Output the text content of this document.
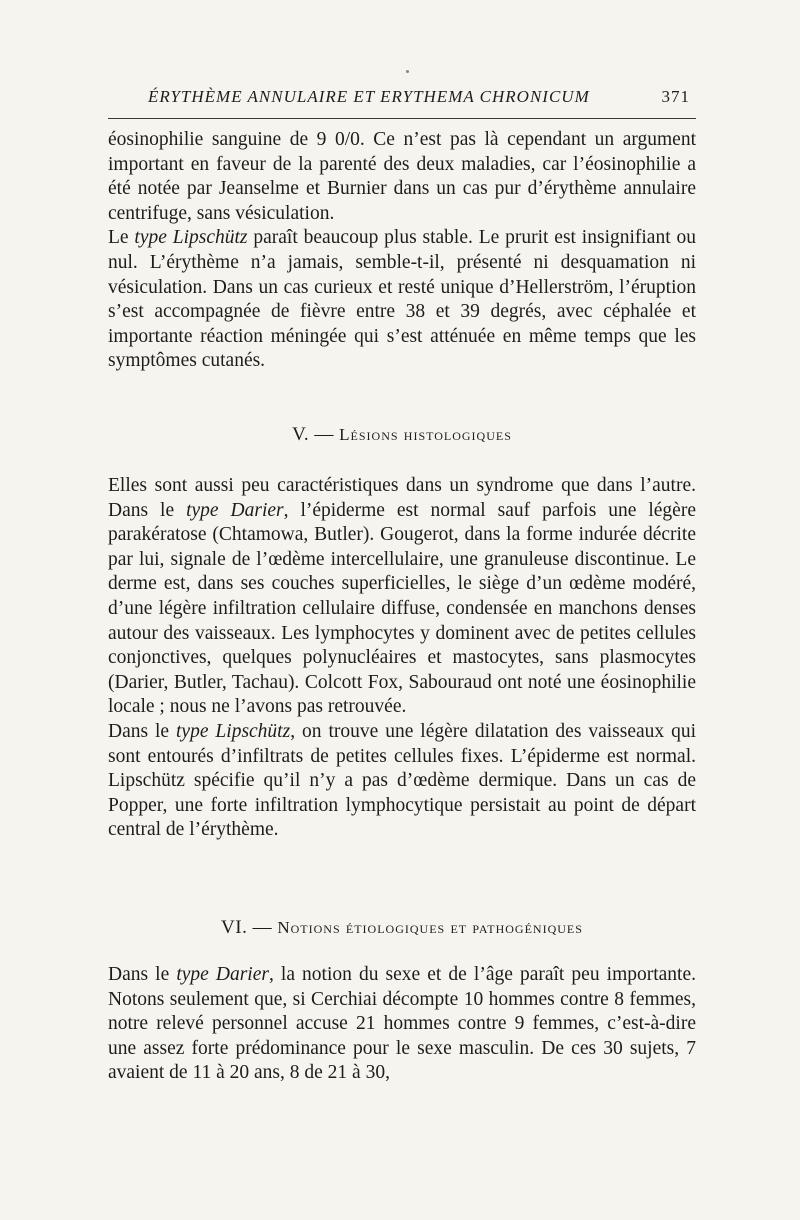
ÉRYTHÈME ANNULAIRE ET ERYTHEMA CHRONICUM	371

éosinophilie sanguine de 9 0/0. Ce n’est pas là cependant un argument important en faveur de la parenté des deux maladies, car l’éosinophilie a été notée par Jeanselme et Burnier dans un cas pur d’érythème annulaire centrifuge, sans vésiculation.

Le type Lipschütz paraît beaucoup plus stable. Le prurit est insignifiant ou nul. L’érythème n’a jamais, semble-t-il, présenté ni desquamation ni vésiculation. Dans un cas curieux et resté unique d’Hellerström, l’éruption s’est accompagnée de fièvre entre 38 et 39 degrés, avec céphalée et importante réaction méningée qui s’est atténuée en même temps que les symptômes cutanés.

V. — Lésions histologiques

Elles sont aussi peu caractéristiques dans un syndrome que dans l’autre. Dans le type Darier, l’épiderme est normal sauf parfois une légère parakératose (Chtamowa, Butler). Gougerot, dans la forme indurée décrite par lui, signale de l’œdème intercellulaire, une granuleuse discontinue. Le derme est, dans ses couches superficielles, le siège d’un œdème modéré, d’une légère infiltration cellulaire diffuse, condensée en manchons denses autour des vaisseaux. Les lymphocytes y dominent avec de petites cellules conjonctives, quelques polynucléaires et mastocytes, sans plasmocytes (Darier, Butler, Tachau). Colcott Fox, Sabouraud ont noté une éosinophilie locale ; nous ne l’avons pas retrouvée.

Dans le type Lipschütz, on trouve une légère dilatation des vaisseaux qui sont entourés d’infiltrats de petites cellules fixes. L’épiderme est normal. Lipschütz spécifie qu’il n’y a pas d’œdème dermique. Dans un cas de Popper, une forte infiltration lymphocytique persistait au point de départ central de l’érythème.

VI. — Notions étiologiques et pathogéniques

Dans le type Darier, la notion du sexe et de l’âge paraît peu importante. Notons seulement que, si Cerchiai décompte 10 hommes contre 8 femmes, notre relevé personnel accuse 21 hommes contre 9 femmes, c’est-à-dire une assez forte prédominance pour le sexe masculin. De ces 30 sujets, 7 avaient de 11 à 20 ans, 8 de 21 à 30,
